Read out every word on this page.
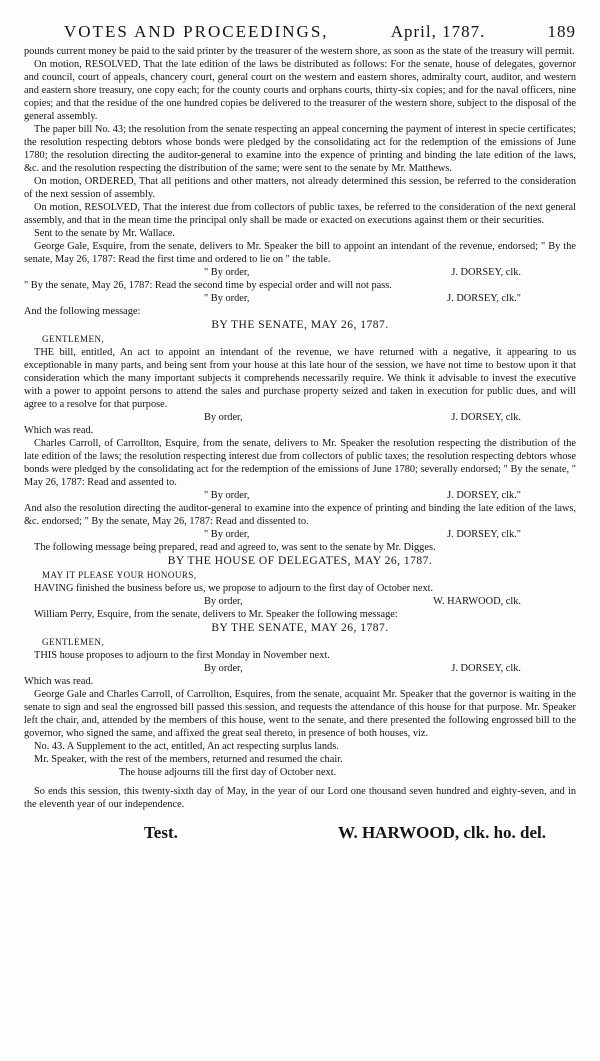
VOTES AND PROCEEDINGS,	April, 1787.	189

pounds current money be paid to the said printer by the treasurer of the western shore, as soon as the state of the treasury will permit.

On motion, RESOLVED, That the late edition of the laws be distributed as follows: For the senate, house of delegates, governor and council, court of appeals, chancery court, general court on the western and eastern shores, admiralty court, auditor, and western and eastern shore treasury, one copy each; for the county courts and orphans courts, thirty-six copies; and for the naval officers, nine copies; and that the residue of the one hundred copies be delivered to the treasurer of the western shore, subject to the disposal of the general assembly.

The paper bill No. 43; the resolution from the senate respecting an appeal concerning the payment of interest in specie certificates; the resolution respecting debtors whose bonds were pledged by the consolidating act for the redemption of the emissions of June 1780; the resolution directing the auditor-general to examine into the expence of printing and binding the late edition of the laws, &c. and the resolution respecting the distribution of the same; were sent to the senate by Mr. Matthews.

On motion, ORDERED, That all petitions and other matters, not already determined this session, be referred to the consideration of the next session of assembly.

On motion, RESOLVED, That the interest due from collectors of public taxes, be referred to the consideration of the next general assembly, and that in the mean time the principal only shall be made or exacted on executions against them or their securities.

Sent to the senate by Mr. Wallace.

George Gale, Esquire, from the senate, delivers to Mr. Speaker the bill to appoint an intendant of the revenue, endorsed; " By the senate, May 26, 1787: Read the first time and ordered to lie on " the table.

" By order,	J. DORSEY, clk.

" By the senate, May 26, 1787: Read the second time by especial order and will not pass.

" By order,	J. DORSEY, clk."

And the following message:

BY THE SENATE, MAY 26, 1787.
GENTLEMEN,

THE bill, entitled, An act to appoint an intendant of the revenue, we have returned with a negative, it appearing to us exceptionable in many parts, and being sent from your house at this late hour of the session, we have not time to bestow upon it that consideration which the many important subjects it comprehends necessarily require. We think it advisable to invest the executive with a power to appoint persons to attend the sales and purchase property seized and taken in execution for public dues, and will agree to a resolve for that purpose.

By order,	J. DORSEY, clk.

Which was read.

Charles Carroll, of Carrollton, Esquire, from the senate, delivers to Mr. Speaker the resolution respecting the distribution of the late edition of the laws; the resolution respecting interest due from collectors of public taxes; the resolution respecting debtors whose bonds were pledged by the consolidating act for the redemption of the emissions of June 1780; severally endorsed; " By the senate, " May 26, 1787: Read and assented to.

" By order,	J. DORSEY, clk."

And also the resolution directing the auditor-general to examine into the expence of printing and binding the late edition of the laws, &c. endorsed; " By the senate, May 26, 1787: Read and dissented to.

" By order,	J. DORSEY, clk."

The following message being prepared, read and agreed to, was sent to the senate by Mr. Digges.

BY THE HOUSE OF DELEGATES, MAY 26, 1787.
MAY IT PLEASE YOUR HONOURS,

HAVING finished the business before us, we propose to adjourn to the first day of October next.

By order,	W. HARWOOD, clk.

William Perry, Esquire, from the senate, delivers to Mr. Speaker the following message:

BY THE SENATE, MAY 26, 1787.
GENTLEMEN,

THIS house proposes to adjourn to the first Monday in November next.

By order,	J. DORSEY, clk.

Which was read.

George Gale and Charles Carroll, of Carrollton, Esquires, from the senate, acquaint Mr. Speaker that the governor is waiting in the senate to sign and seal the engrossed bill passed this session, and requests the attendance of this house for that purpose. Mr. Speaker left the chair, and, attended by the members of this house, went to the senate, and there presented the following engrossed bill to the governor, who signed the same, and affixed the great seal thereto, in presence of both houses, viz.

No. 43. A Supplement to the act, entitled, An act respecting surplus lands.

Mr. Speaker, with the rest of the members, returned and resumed the chair.

The house adjourns till the first day of October next.

So ends this session, this twenty-sixth day of May, in the year of our Lord one thousand seven hundred and eighty-seven, and in the eleventh year of our independence.

Test.	W. HARWOOD, clk. ho. del.
